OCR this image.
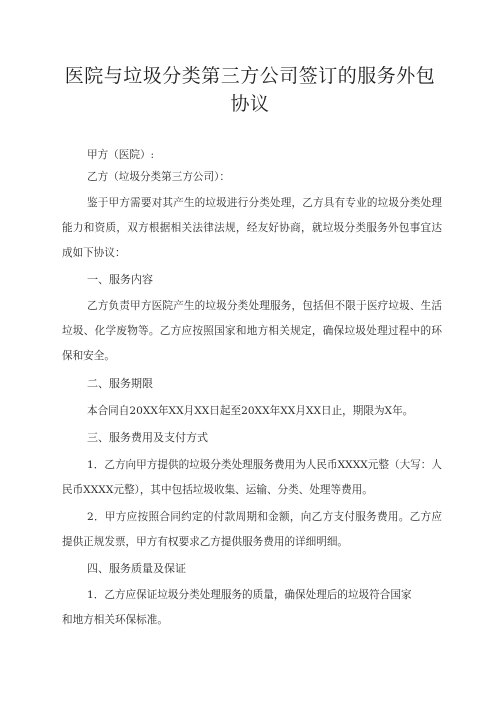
医院与垃圾分类第三方公司签订的服务外包
协议
甲方（医院）:
乙方（垃圾分类第三方公司）：
鉴于甲方需要对其产生的垃圾进行分类处理，乙方具有专业的垃圾分类处理
能力和资质，双方根据相关法律法规，经友好协商，就垃圾分类服务外包事宜达
成如下协议：
一、服务内容
乙方负责甲方医院产生的垃圾分类处理服务，包括但不限于医疗垃圾、生活
垃圾、化学废物等。乙方应按照国家和地方相关规定，确保垃圾处理过程中的环
保和安全。
二、服务期限
本合同自20XX年XX月XX日起至20XX年XX月XX日止，期限为X年。
三、服务费用及支付方式
1．乙方向甲方提供的垃圾分类处理服务费用为人民币XXXX元整（大写：人
民币XXXX元整），其中包括垃圾收集、运输、分类、处理等费用。
2．甲方应按照合同约定的付款周期和金额，向乙方支付服务费用。乙方应
提供正规发票，甲方有权要求乙方提供服务费用的详细明细。
四、服务质量及保证
1．乙方应保证垃圾分类处理服务的质量，确保处理后的垃圾符合国家
和地方相关环保标准。
